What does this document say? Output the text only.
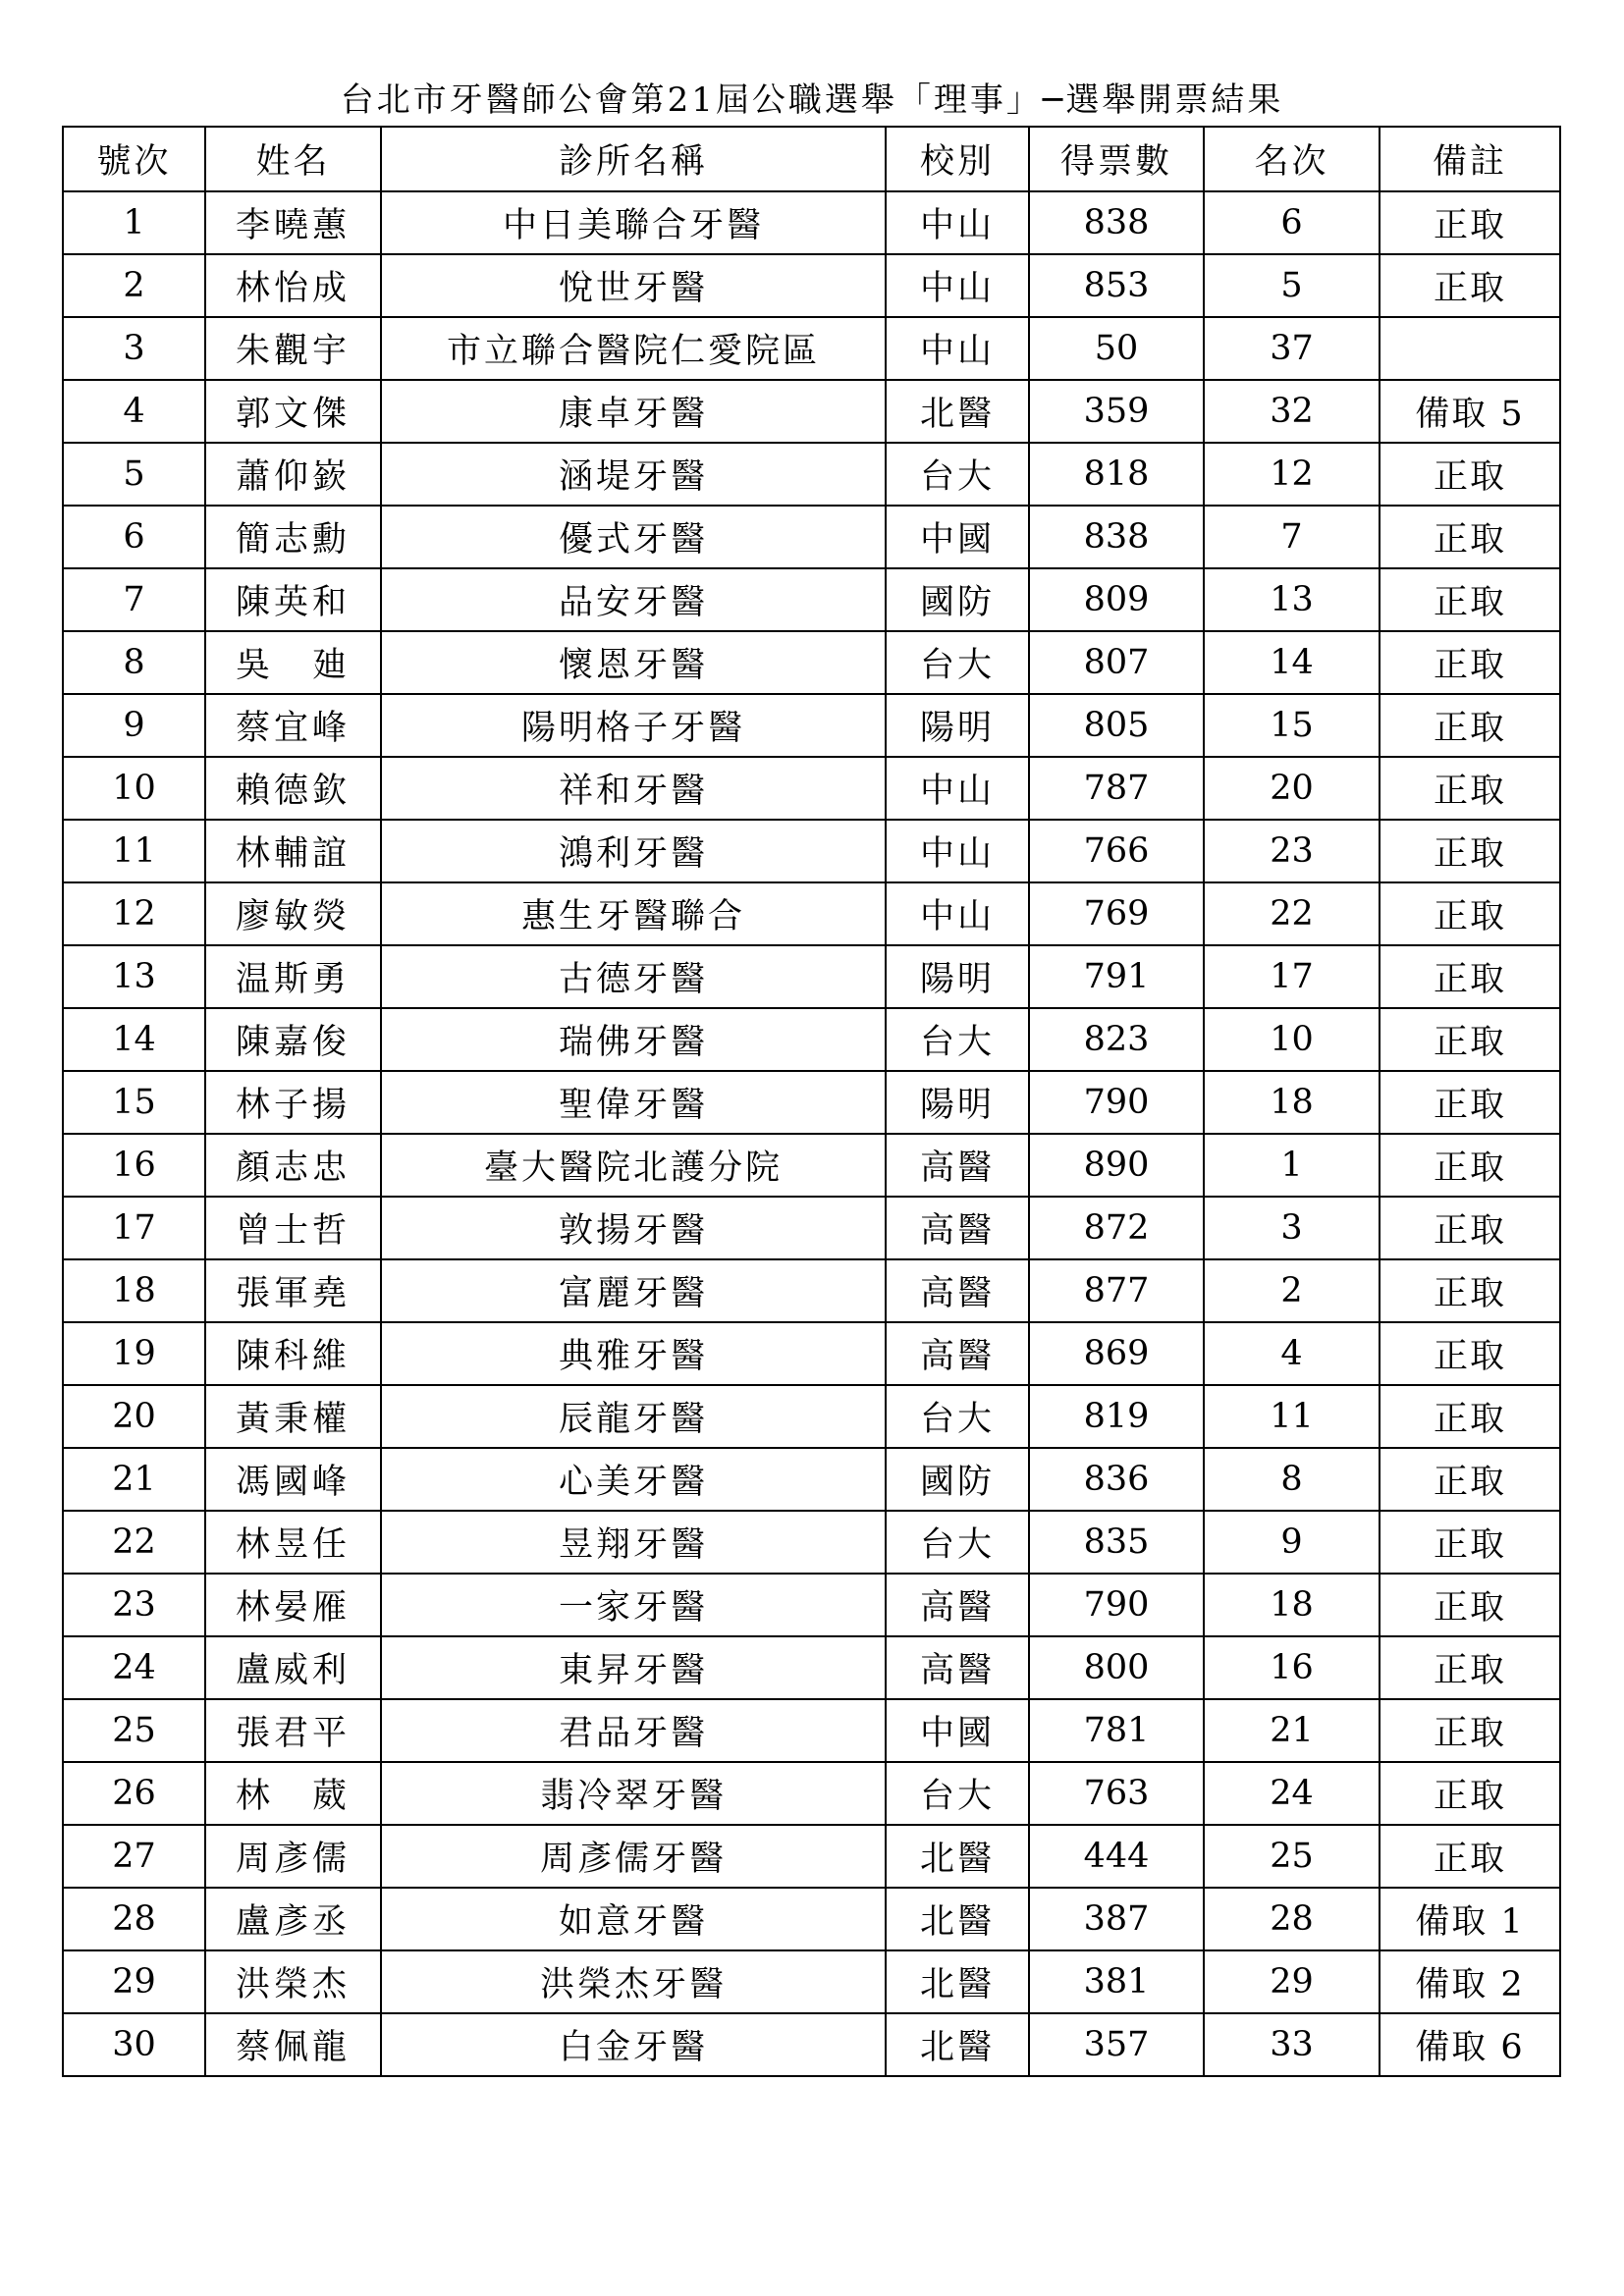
台北市牙醫師公會第21屆公職選舉「理事」─選舉開票結果
號次	姓名	診所名稱	校別	得票數	名次	備註
1	李曉蕙	中日美聯合牙醫	中山	838	6	正取
2	林怡成	悅世牙醫	中山	853	5	正取
3	朱觀宇	市立聯合醫院仁愛院區	中山	50	37	
4	郭文傑	康卓牙醫	北醫	359	32	備取 5
5	蕭仰嶔	涵堤牙醫	台大	818	12	正取
6	簡志勳	優式牙醫	中國	838	7	正取
7	陳英和	品安牙醫	國防	809	13	正取
8	吳　廸	懷恩牙醫	台大	807	14	正取
9	蔡宜峰	陽明格子牙醫	陽明	805	15	正取
10	賴德欽	祥和牙醫	中山	787	20	正取
11	林輔誼	鴻利牙醫	中山	766	23	正取
12	廖敏熒	惠生牙醫聯合	中山	769	22	正取
13	温斯勇	古德牙醫	陽明	791	17	正取
14	陳嘉俊	瑞佛牙醫	台大	823	10	正取
15	林子揚	聖偉牙醫	陽明	790	18	正取
16	顏志忠	臺大醫院北護分院	高醫	890	1	正取
17	曾士哲	敦揚牙醫	高醫	872	3	正取
18	張軍堯	富麗牙醫	高醫	877	2	正取
19	陳科維	典雅牙醫	高醫	869	4	正取
20	黃秉權	辰龍牙醫	台大	819	11	正取
21	馮國峰	心美牙醫	國防	836	8	正取
22	林昱任	昱翔牙醫	台大	835	9	正取
23	林晏雁	一家牙醫	高醫	790	18	正取
24	盧威利	東昇牙醫	高醫	800	16	正取
25	張君平	君品牙醫	中國	781	21	正取
26	林　葳	翡冷翠牙醫	台大	763	24	正取
27	周彥儒	周彥儒牙醫	北醫	444	25	正取
28	盧彥丞	如意牙醫	北醫	387	28	備取 1
29	洪榮杰	洪榮杰牙醫	北醫	381	29	備取 2
30	蔡佩龍	白金牙醫	北醫	357	33	備取 6
